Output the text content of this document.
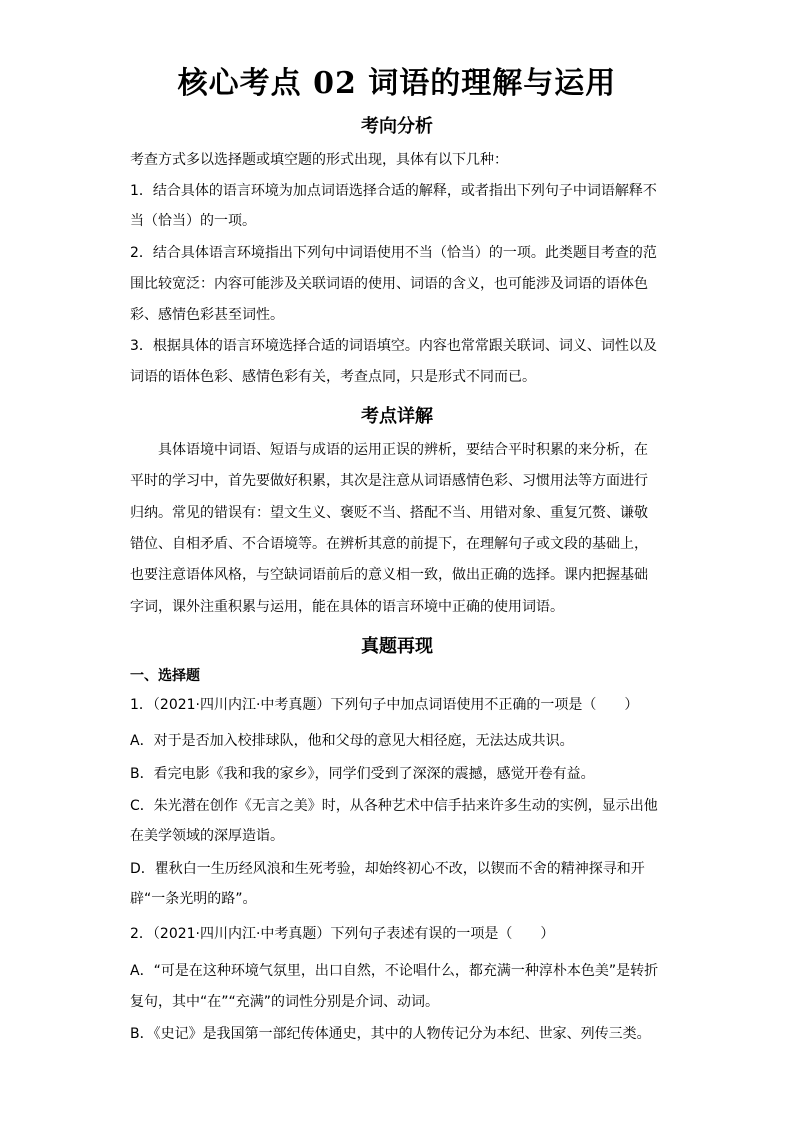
核心考点 02 词语的理解与运用
考向分析
考查方式多以选择题或填空题的形式出现，具体有以下几种：
1．结合具体的语言环境为加点词语选择合适的解释，或者指出下列句子中词语解释不
当（恰当）的一项。
2．结合具体语言环境指出下列句中词语使用不当（恰当）的一项。此类题目考查的范
围比较宽泛：内容可能涉及关联词语的使用、词语的含义，也可能涉及词语的语体色
彩、感情色彩甚至词性。
3．根据具体的语言环境选择合适的词语填空。内容也常常跟关联词、词义、词性以及
词语的语体色彩、感情色彩有关，考查点同，只是形式不同而已。
考点详解
具体语境中词语、短语与成语的运用正误的辨析，要结合平时积累的来分析，在
平时的学习中，首先要做好积累，其次是注意从词语感情色彩、习惯用法等方面进行
归纳。常见的错误有：望文生义、褒贬不当、搭配不当、用错对象、重复冗赘、谦敬
错位、自相矛盾、不合语境等。在辨析其意的前提下，在理解句子或文段的基础上，
也要注意语体风格，与空缺词语前后的意义相一致，做出正确的选择。课内把握基础
字词，课外注重积累与运用，能在具体的语言环境中正确的使用词语。
真题再现
一、选择题
1．（2021·四川内江·中考真题）下列句子中加点词语使用不正确的一项是（　　）
A．对于是否加入校排球队，他和父母的意见大相径庭，无法达成共识。
B．看完电影《我和我的家乡》，同学们受到了深深的震撼，感觉开卷有益。
C．朱光潜在创作《无言之美》时，从各种艺术中信手拈来许多生动的实例，显示出他
在美学领域的深厚造诣。
D．瞿秋白一生历经风浪和生死考验，却始终初心不改，以锲而不舍的精神探寻和开
辟“一条光明的路”。
2．（2021·四川内江·中考真题）下列句子表述有误的一项是（　　）
A．“可是在这种环境气氛里，出口自然，不论唱什么，都充满一种淳朴本色美”是转折
复句，其中“在”“充满”的词性分别是介词、动词。
B．《史记》是我国第一部纪传体通史，其中的人物传记分为本纪、世家、列传三类。
